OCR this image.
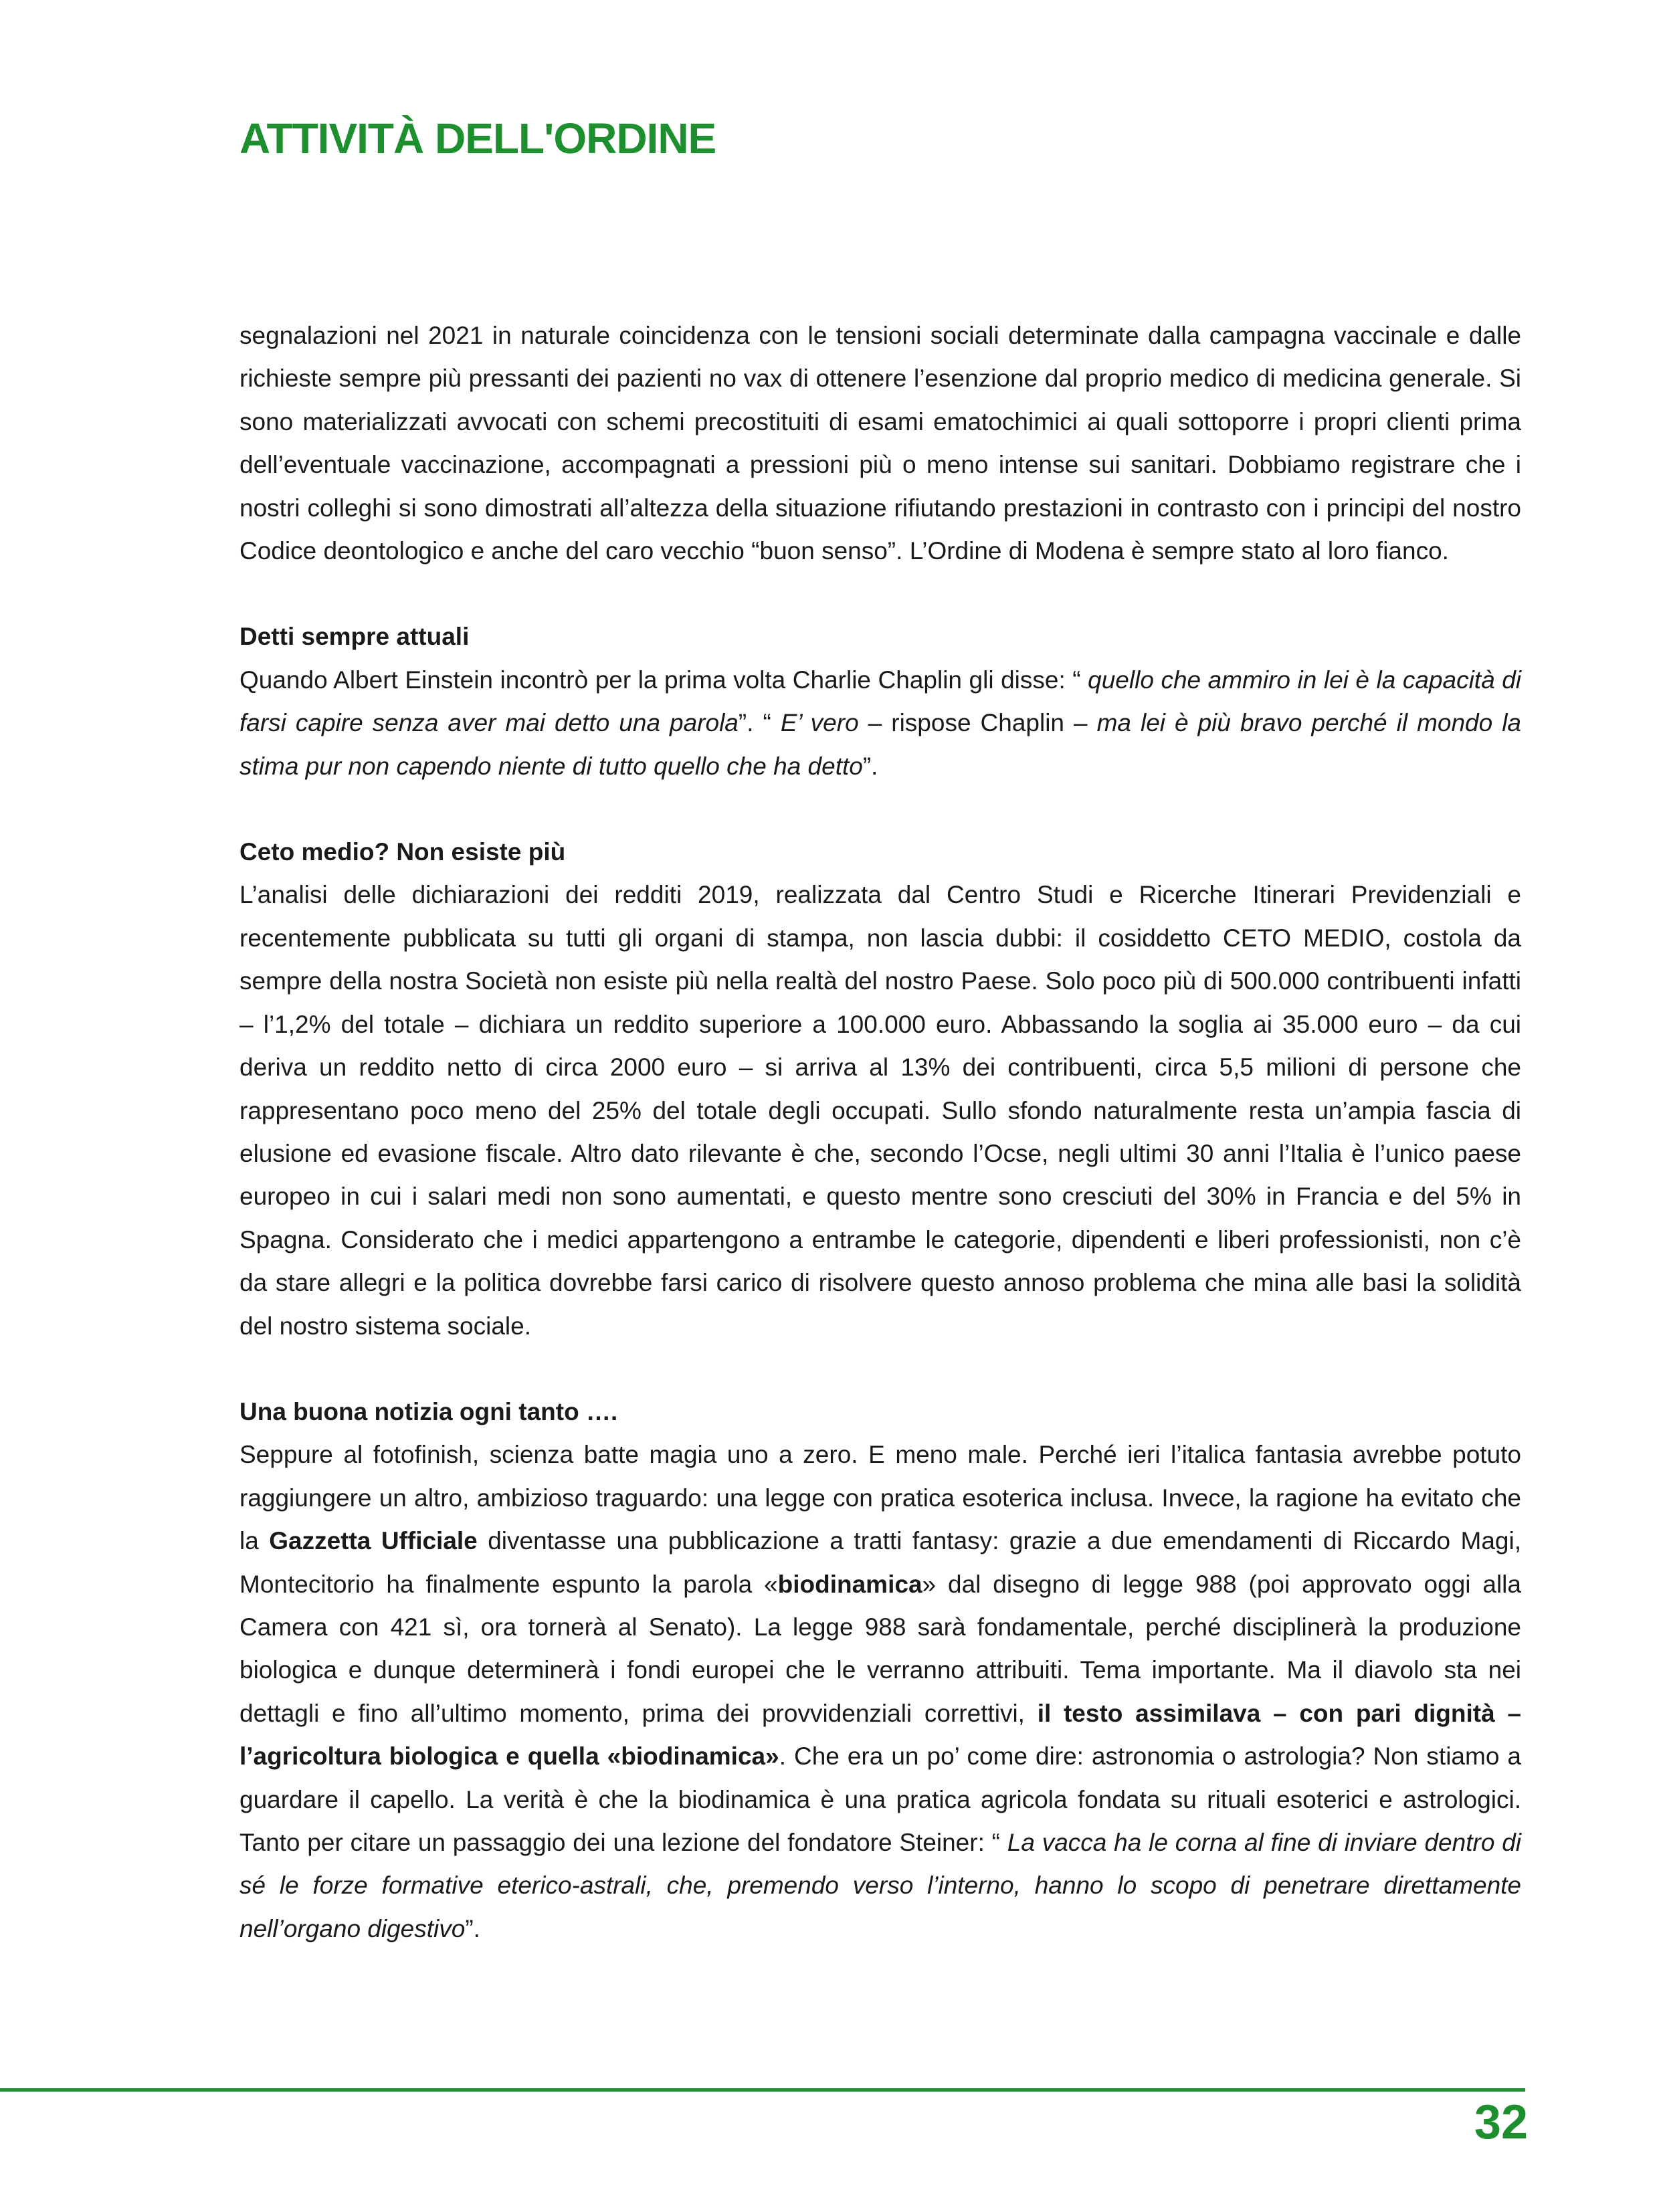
ATTIVITÀ DELL'ORDINE

segnalazioni nel 2021 in naturale coincidenza con le tensioni sociali determinate dalla campagna vaccinale e dalle richieste sempre più pressanti dei pazienti no vax di ottenere l’esenzione dal proprio medico di medicina generale. Si sono materializzati avvocati con schemi precostituiti di esami ematochimici ai quali sottoporre i propri clienti prima dell’eventuale vaccinazione, accompagnati a pressioni più o meno intense sui sanitari. Dobbiamo registrare che i nostri colleghi si sono dimostrati all’altezza della situazione rifiutando prestazioni in contrasto con i principi del nostro Codice deontologico e anche del caro vecchio “buon senso”. L’Ordine di Modena è sempre stato al loro fianco.

Detti sempre attuali

Quando Albert Einstein incontrò per la prima volta Charlie Chaplin gli disse: “ quello che ammiro in lei è la capacità di farsi capire senza aver mai detto una parola”. “ E’ vero – rispose Chaplin – ma lei è più bravo perché il mondo la stima pur non capendo niente di tutto quello che ha detto”.

Ceto medio? Non esiste più

L’analisi delle dichiarazioni dei redditi 2019, realizzata dal Centro Studi e Ricerche Itinerari Previdenziali e recentemente pubblicata su tutti gli organi di stampa, non lascia dubbi: il cosiddetto CETO MEDIO, costola da sempre della nostra Società non esiste più nella realtà del nostro Paese. Solo poco più di 500.000 contribuenti infatti – l’1,2% del totale – dichiara un reddito superiore a 100.000 euro. Abbassando la soglia ai 35.000 euro – da cui deriva un reddito netto di circa 2000 euro – si arriva al 13% dei contribuenti, circa 5,5 milioni di persone che rappresentano poco meno del 25% del totale degli occupati. Sullo sfondo naturalmente resta un’ampia fascia di elusione ed evasione fiscale. Altro dato rilevante è che, secondo l’Ocse, negli ultimi 30 anni l’Italia è l’unico paese europeo in cui i salari medi non sono aumentati, e questo mentre sono cresciuti del 30% in Francia e del 5% in Spagna. Considerato che i medici appartengono a entrambe le categorie, dipendenti e liberi professionisti, non c’è da stare allegri e la politica dovrebbe farsi carico di risolvere questo annoso problema che mina alle basi la solidità del nostro sistema sociale.

Una buona notizia ogni tanto ….

Seppure al fotofinish, scienza batte magia uno a zero. E meno male. Perché ieri l’italica fantasia avrebbe potuto raggiungere un altro, ambizioso traguardo: una legge con pratica esoterica inclusa. Invece, la ragione ha evitato che la Gazzetta Ufficiale diventasse una pubblicazione a tratti fantasy: grazie a due emendamenti di Riccardo Magi, Montecitorio ha finalmente espunto la parola «biodinamica» dal disegno di legge 988 (poi approvato oggi alla Camera con 421 sì, ora tornerà al Senato). La legge 988 sarà fondamentale, perché disciplinerà la produzione biologica e dunque determinerà i fondi europei che le verranno attribuiti. Tema importante. Ma il diavolo sta nei dettagli e fino all’ultimo momento, prima dei provvidenziali correttivi, il testo assimilava – con pari dignità – l’agricoltura biologica e quella «biodinamica». Che era un po’ come dire: astronomia o astrologia? Non stiamo a guardare il capello. La verità è che la biodinamica è una pratica agricola fondata su rituali esoterici e astrologici. Tanto per citare un passaggio dei una lezione del fondatore Steiner: “ La vacca ha le corna al fine di inviare dentro di sé le forze formative eterico-astrali, che, premendo verso l’interno, hanno lo scopo di penetrare direttamente nell’organo digestivo”.

32
